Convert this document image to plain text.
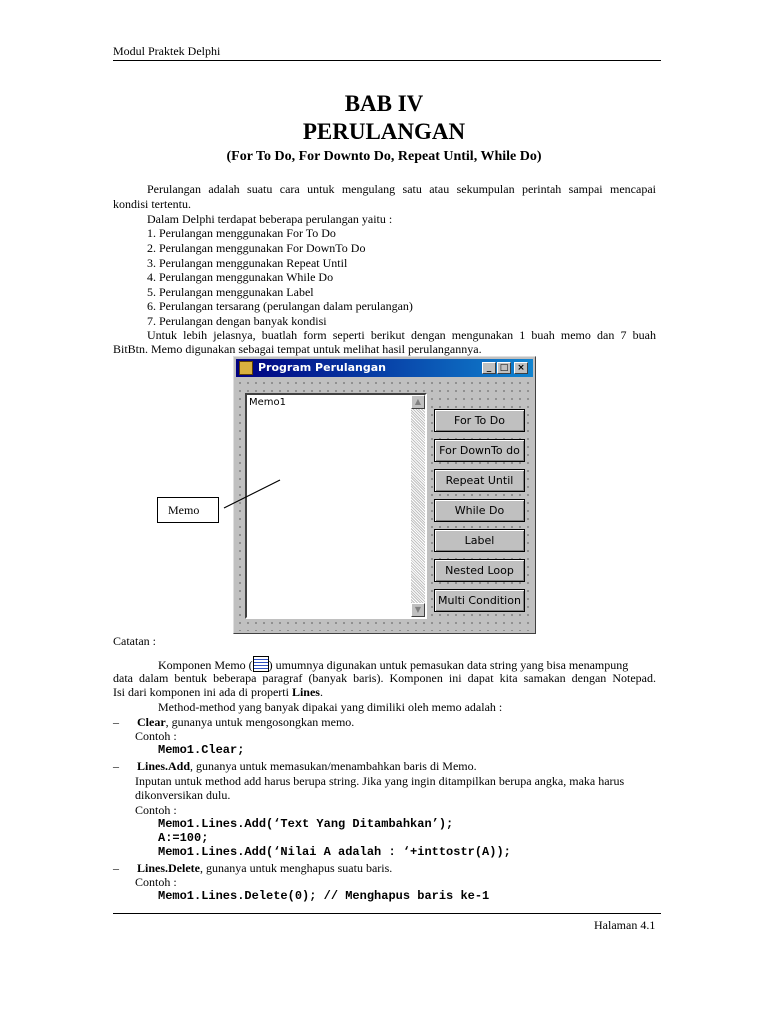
Modul Praktek Delphi
BAB IV
PERULANGAN
(For To Do, For Downto Do, Repeat Until, While Do)
Perulangan adalah suatu cara untuk mengulang satu atau sekumpulan perintah sampai mencapai
kondisi tertentu.
Dalam Delphi terdapat beberapa perulangan yaitu :
1. Perulangan menggunakan For To Do
2. Perulangan menggunakan For DownTo Do
3. Perulangan menggunakan Repeat Until
4. Perulangan menggunakan While Do
5. Perulangan menggunakan Label
6. Perulangan tersarang (perulangan dalam perulangan)
7. Perulangan dengan banyak kondisi
Untuk lebih jelasnya, buatlah form seperti berikut dengan mengunakan 1 buah memo dan 7 buah
BitBtn. Memo digunakan sebagai tempat untuk melihat hasil perulangannya.
Program Perulangan	_ □ ×
Memo1	▲
▼
For To Do
For DownTo do
Repeat Until
While Do
Label
Nested Loop
Multi Condition
Memo
Catatan :
Komponen Memo ( ) umumnya digunakan untuk pemasukan data string yang bisa menampung
data dalam bentuk beberapa paragraf (banyak baris). Komponen ini dapat kita samakan dengan Notepad.
Isi dari komponen ini ada di properti Lines.
Method-method yang banyak dipakai yang dimiliki oleh memo adalah :
– Clear, gunanya untuk mengosongkan memo.
Contoh :
Memo1.Clear;
– Lines.Add, gunanya untuk memasukan/menambahkan baris di Memo.
Inputan untuk method add harus berupa string. Jika yang ingin ditampilkan berupa angka, maka harus
dikonversikan dulu.
Contoh :
Memo1.Lines.Add(‘Text Yang Ditambahkan’);
A:=100;
Memo1.Lines.Add(‘Nilai A adalah : ‘+inttostr(A));
– Lines.Delete, gunanya untuk menghapus suatu baris.
Contoh :
Memo1.Lines.Delete(0); // Menghapus baris ke-1
Halaman 4.1
